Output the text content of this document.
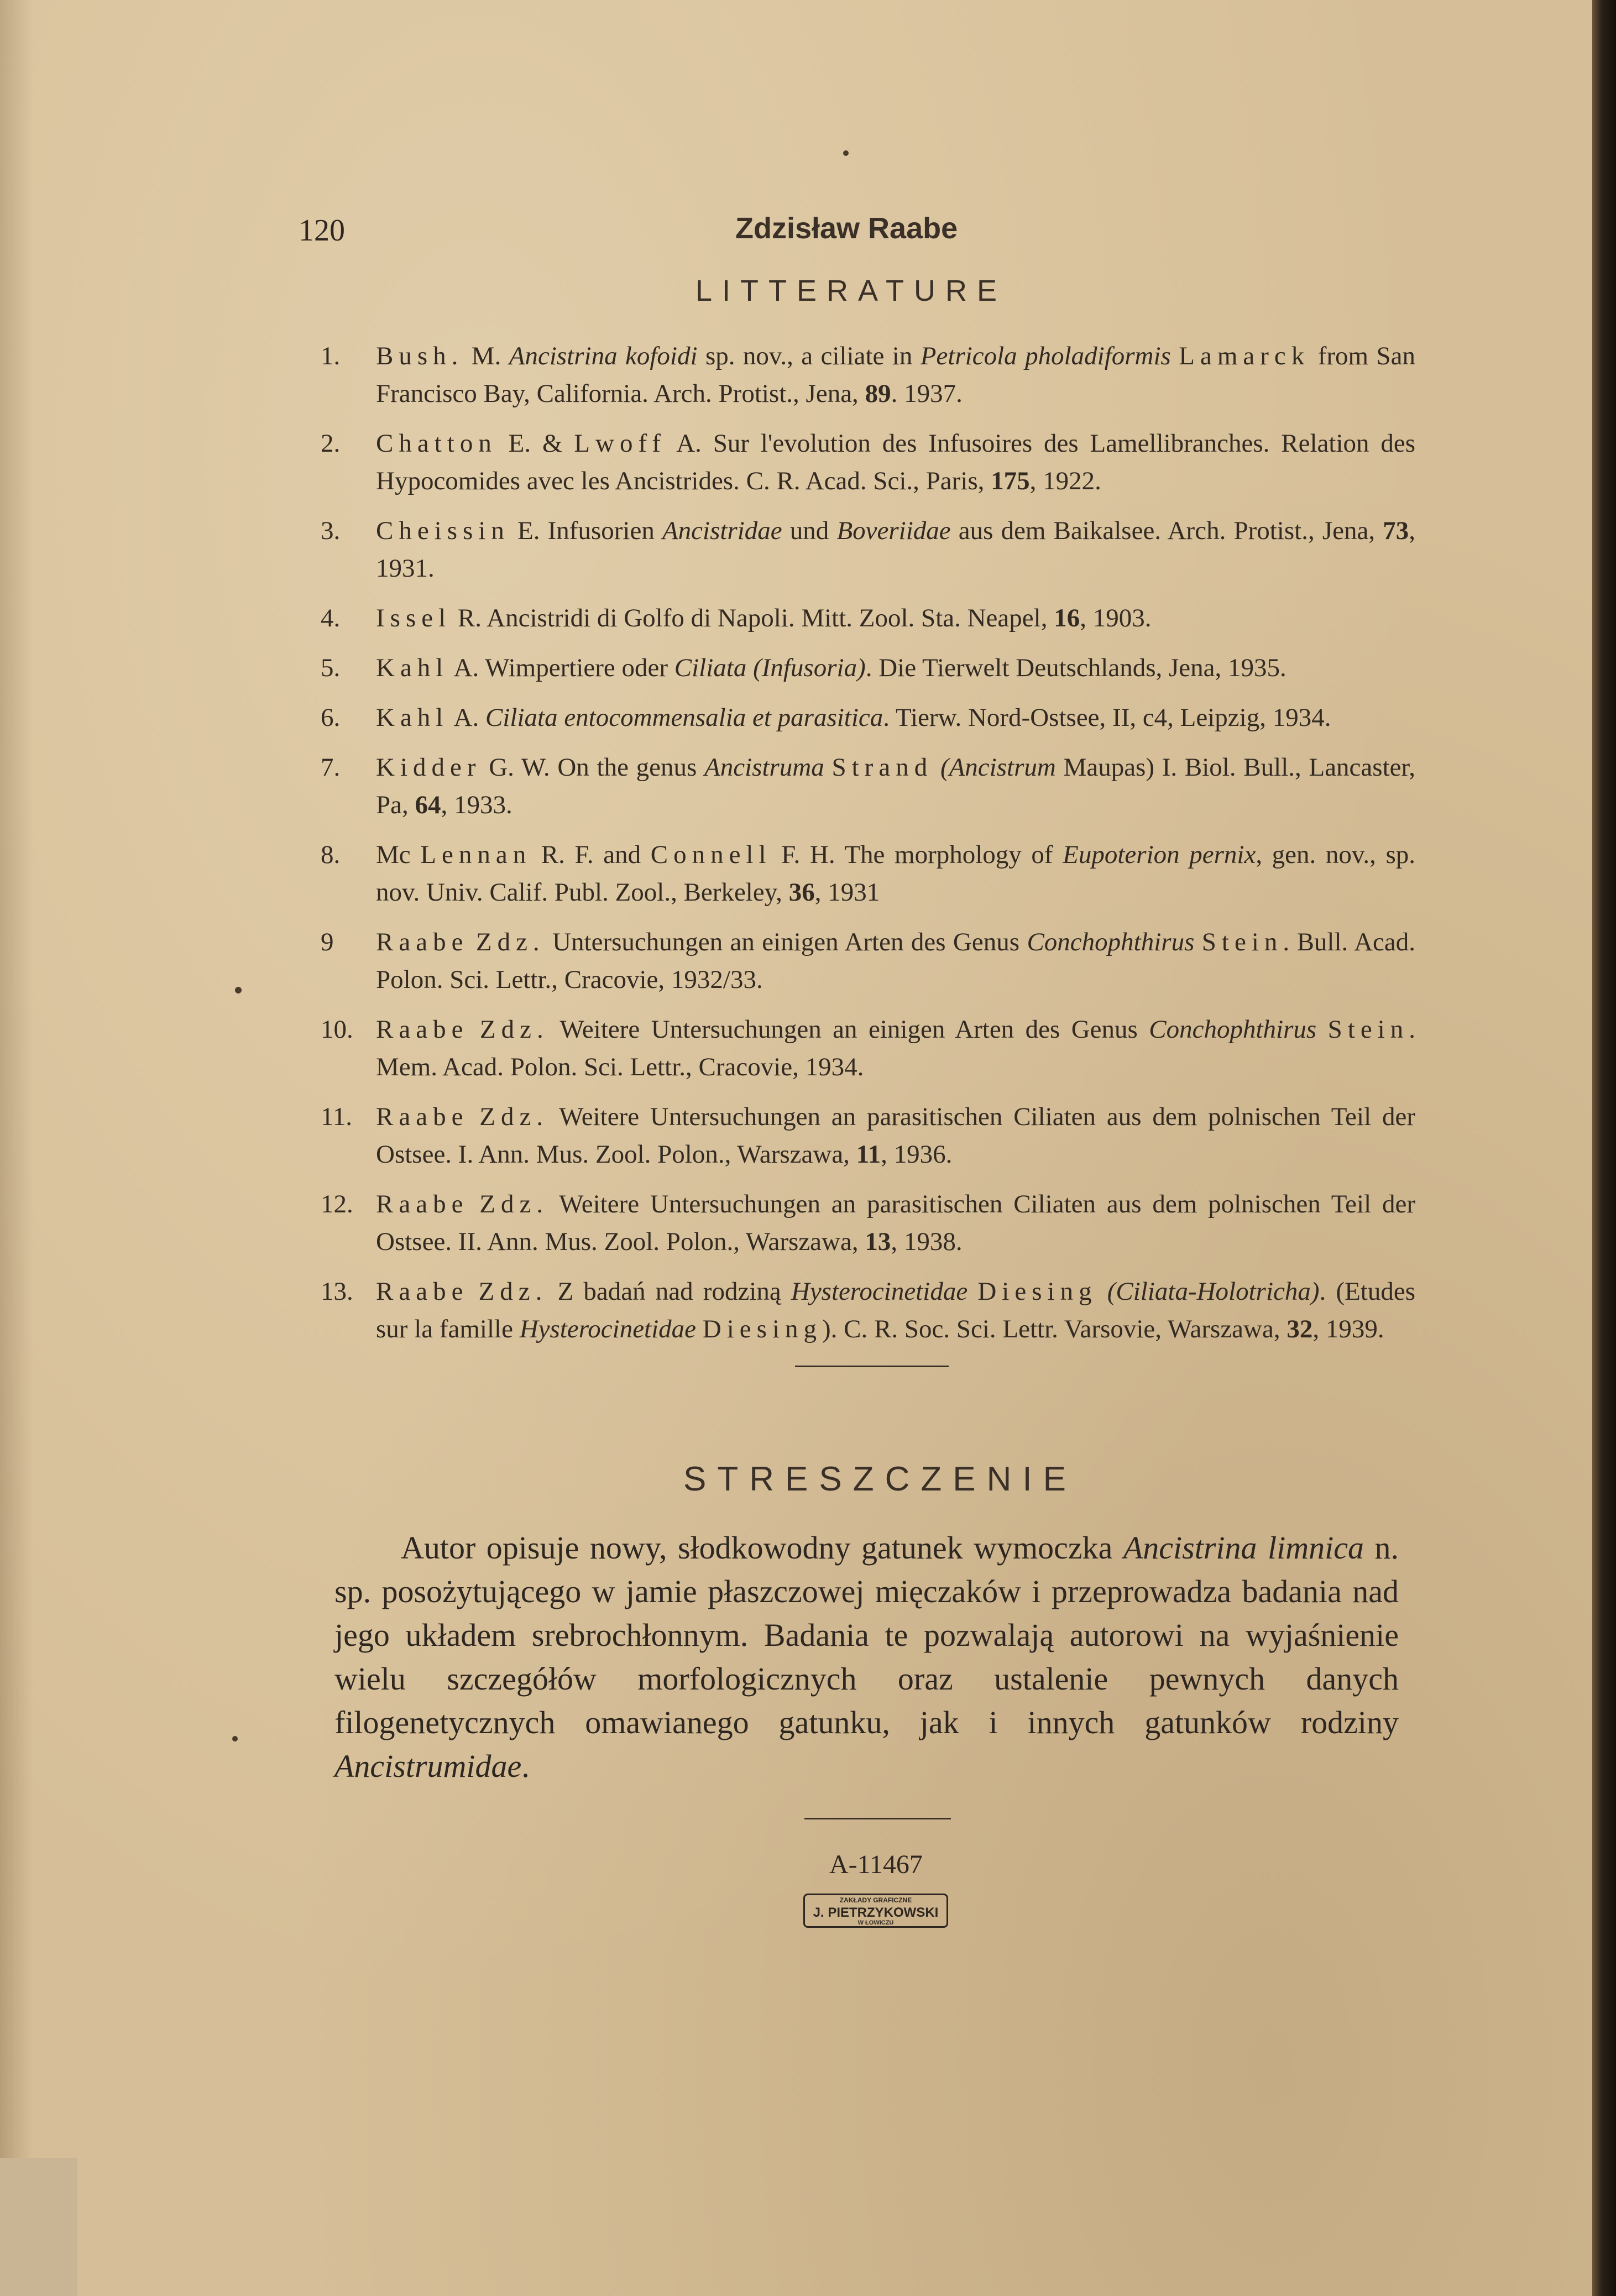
120	Zdzisław Raabe
LITTERATURE
1. Bush. M. Ancistrina kofoidi sp. nov., a ciliate in Petricola pholadiformis Lamarck from San Francisco Bay, California. Arch. Protist., Jena, 89. 1937.
2. Chatton E. & Lwoff A. Sur l'evolution des Infusoires des Lamellibranches. Relation des Hypocomides avec les Ancistrides. C. R. Acad. Sci., Paris, 175, 1922.
3. Cheissin E. Infusorien Ancistridae und Boveriidae aus dem Baikalsee. Arch. Protist., Jena, 73, 1931.
4. Issel R. Ancistridi di Golfo di Napoli. Mitt. Zool. Sta. Neapel, 16, 1903.
5. Kahl A. Wimpertiere oder Ciliata (Infusoria). Die Tierwelt Deutschlands, Jena, 1935.
6. Kahl A. Ciliata entocommensalia et parasitica. Tierw. Nord-Ostsee, II, c4, Leipzig, 1934.
7. Kidder G. W. On the genus Ancistruma Strand (Ancistrum Maupas) I. Biol. Bull., Lancaster, Pa, 64, 1933.
8. Mc Lennan R. F. and Connell F. H. The morphology of Eupoterion pernix, gen. nov., sp. nov. Univ. Calif. Publ. Zool., Berkeley, 36, 1931
9 Raabe Zdz. Untersuchungen an einigen Arten des Genus Conchophthirus Stein. Bull. Acad. Polon. Sci. Lettr., Cracovie, 1932/33.
10. Raabe Zdz. Weitere Untersuchungen an einigen Arten des Genus Conchophthirus Stein. Mem. Acad. Polon. Sci. Lettr., Cracovie, 1934.
11. Raabe Zdz. Weitere Untersuchungen an parasitischen Ciliaten aus dem polnischen Teil der Ostsee. I. Ann. Mus. Zool. Polon., Warszawa, 11, 1936.
12. Raabe Zdz. Weitere Untersuchungen an parasitischen Ciliaten aus dem polnischen Teil der Ostsee. II. Ann. Mus. Zool. Polon., Warszawa, 13, 1938.
13. Raabe Zdz. Z badań nad rodziną Hysterocinetidae Diesing (Ciliata-Holotricha). (Etudes sur la famille Hysterocinetidae Diesing). C. R. Soc. Sci. Lettr. Varsovie, Warszawa, 32, 1939.
STRESZCZENIE
Autor opisuje nowy, słodkowodny gatunek wymoczka Ancistrina limnica n. sp. posożytującego w jamie płaszczowej mięczaków i przeprowadza badania nad jego układem srebrochłonnym. Badania te pozwalają autorowi na wyjaśnienie wielu szczegółów morfologicznych oraz ustalenie pewnych danych filogenetycznych omawianego gatunku, jak i innych gatunków rodziny Ancistrumidae.
A-11467
ZAKŁADY GRAFICZNE
J. PIETRZYKOWSKI
W ŁOWICZU
